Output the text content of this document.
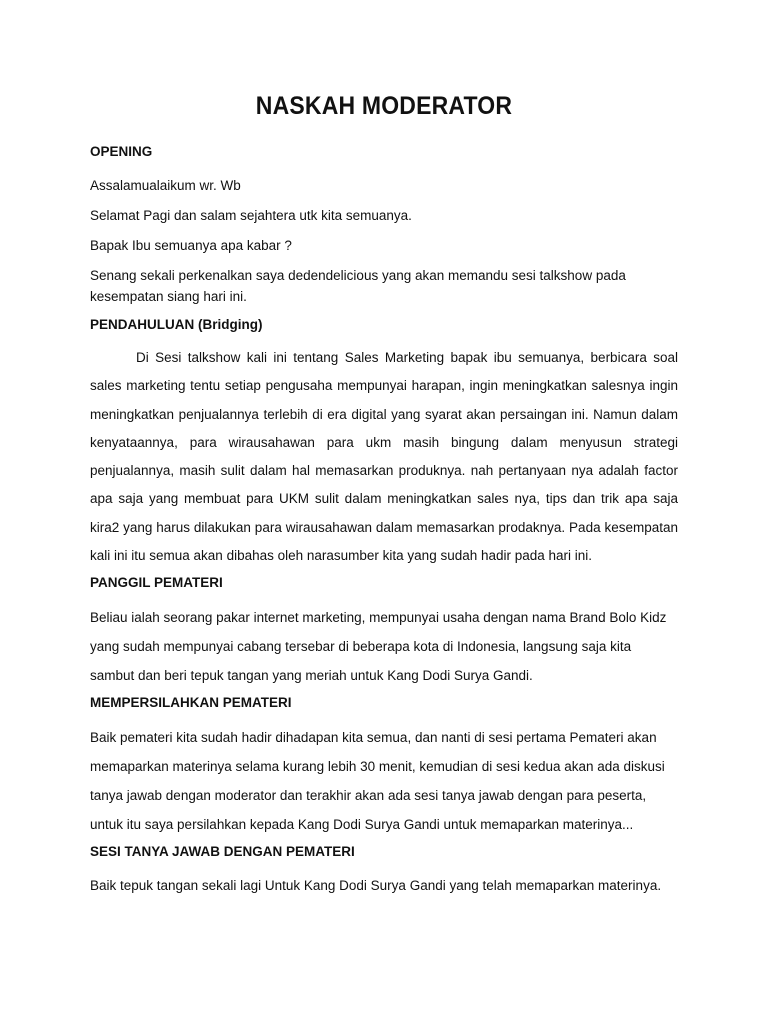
NASKAH MODERATOR
OPENING
Assalamualaikum wr. Wb
Selamat Pagi dan salam sejahtera utk kita semuanya.
Bapak Ibu semuanya apa kabar ?
Senang sekali perkenalkan saya dedendelicious yang akan memandu sesi talkshow pada kesempatan siang hari ini.
PENDAHULUAN (Bridging)
Di Sesi talkshow kali ini tentang Sales Marketing bapak ibu semuanya, berbicara soal sales marketing tentu setiap pengusaha mempunyai harapan, ingin meningkatkan salesnya ingin meningkatkan penjualannya terlebih di era digital yang syarat akan persaingan ini. Namun dalam kenyataannya, para wirausahawan para ukm masih bingung dalam menyusun strategi penjualannya, masih sulit dalam hal memasarkan produknya. nah pertanyaan nya adalah factor apa saja yang membuat para UKM sulit dalam meningkatkan sales nya, tips dan trik apa saja kira2 yang harus dilakukan para wirausahawan dalam memasarkan prodaknya. Pada kesempatan kali ini itu semua akan dibahas oleh narasumber kita yang sudah hadir pada hari ini.
PANGGIL PEMATERI
Beliau ialah seorang pakar internet marketing, mempunyai usaha dengan nama Brand Bolo Kidz yang sudah mempunyai cabang tersebar di beberapa kota di Indonesia, langsung saja kita sambut dan beri tepuk tangan yang meriah untuk Kang Dodi Surya Gandi.
MEMPERSILAHKAN PEMATERI
Baik pemateri kita sudah hadir dihadapan kita semua, dan nanti di sesi pertama Pemateri akan memaparkan materinya selama kurang lebih 30 menit, kemudian di sesi kedua akan ada diskusi tanya jawab dengan moderator dan terakhir akan ada sesi tanya jawab dengan para peserta, untuk itu saya persilahkan kepada Kang Dodi Surya Gandi untuk memaparkan materinya...
SESI TANYA JAWAB DENGAN PEMATERI
Baik tepuk tangan sekali lagi Untuk Kang Dodi Surya Gandi yang telah memaparkan materinya.
